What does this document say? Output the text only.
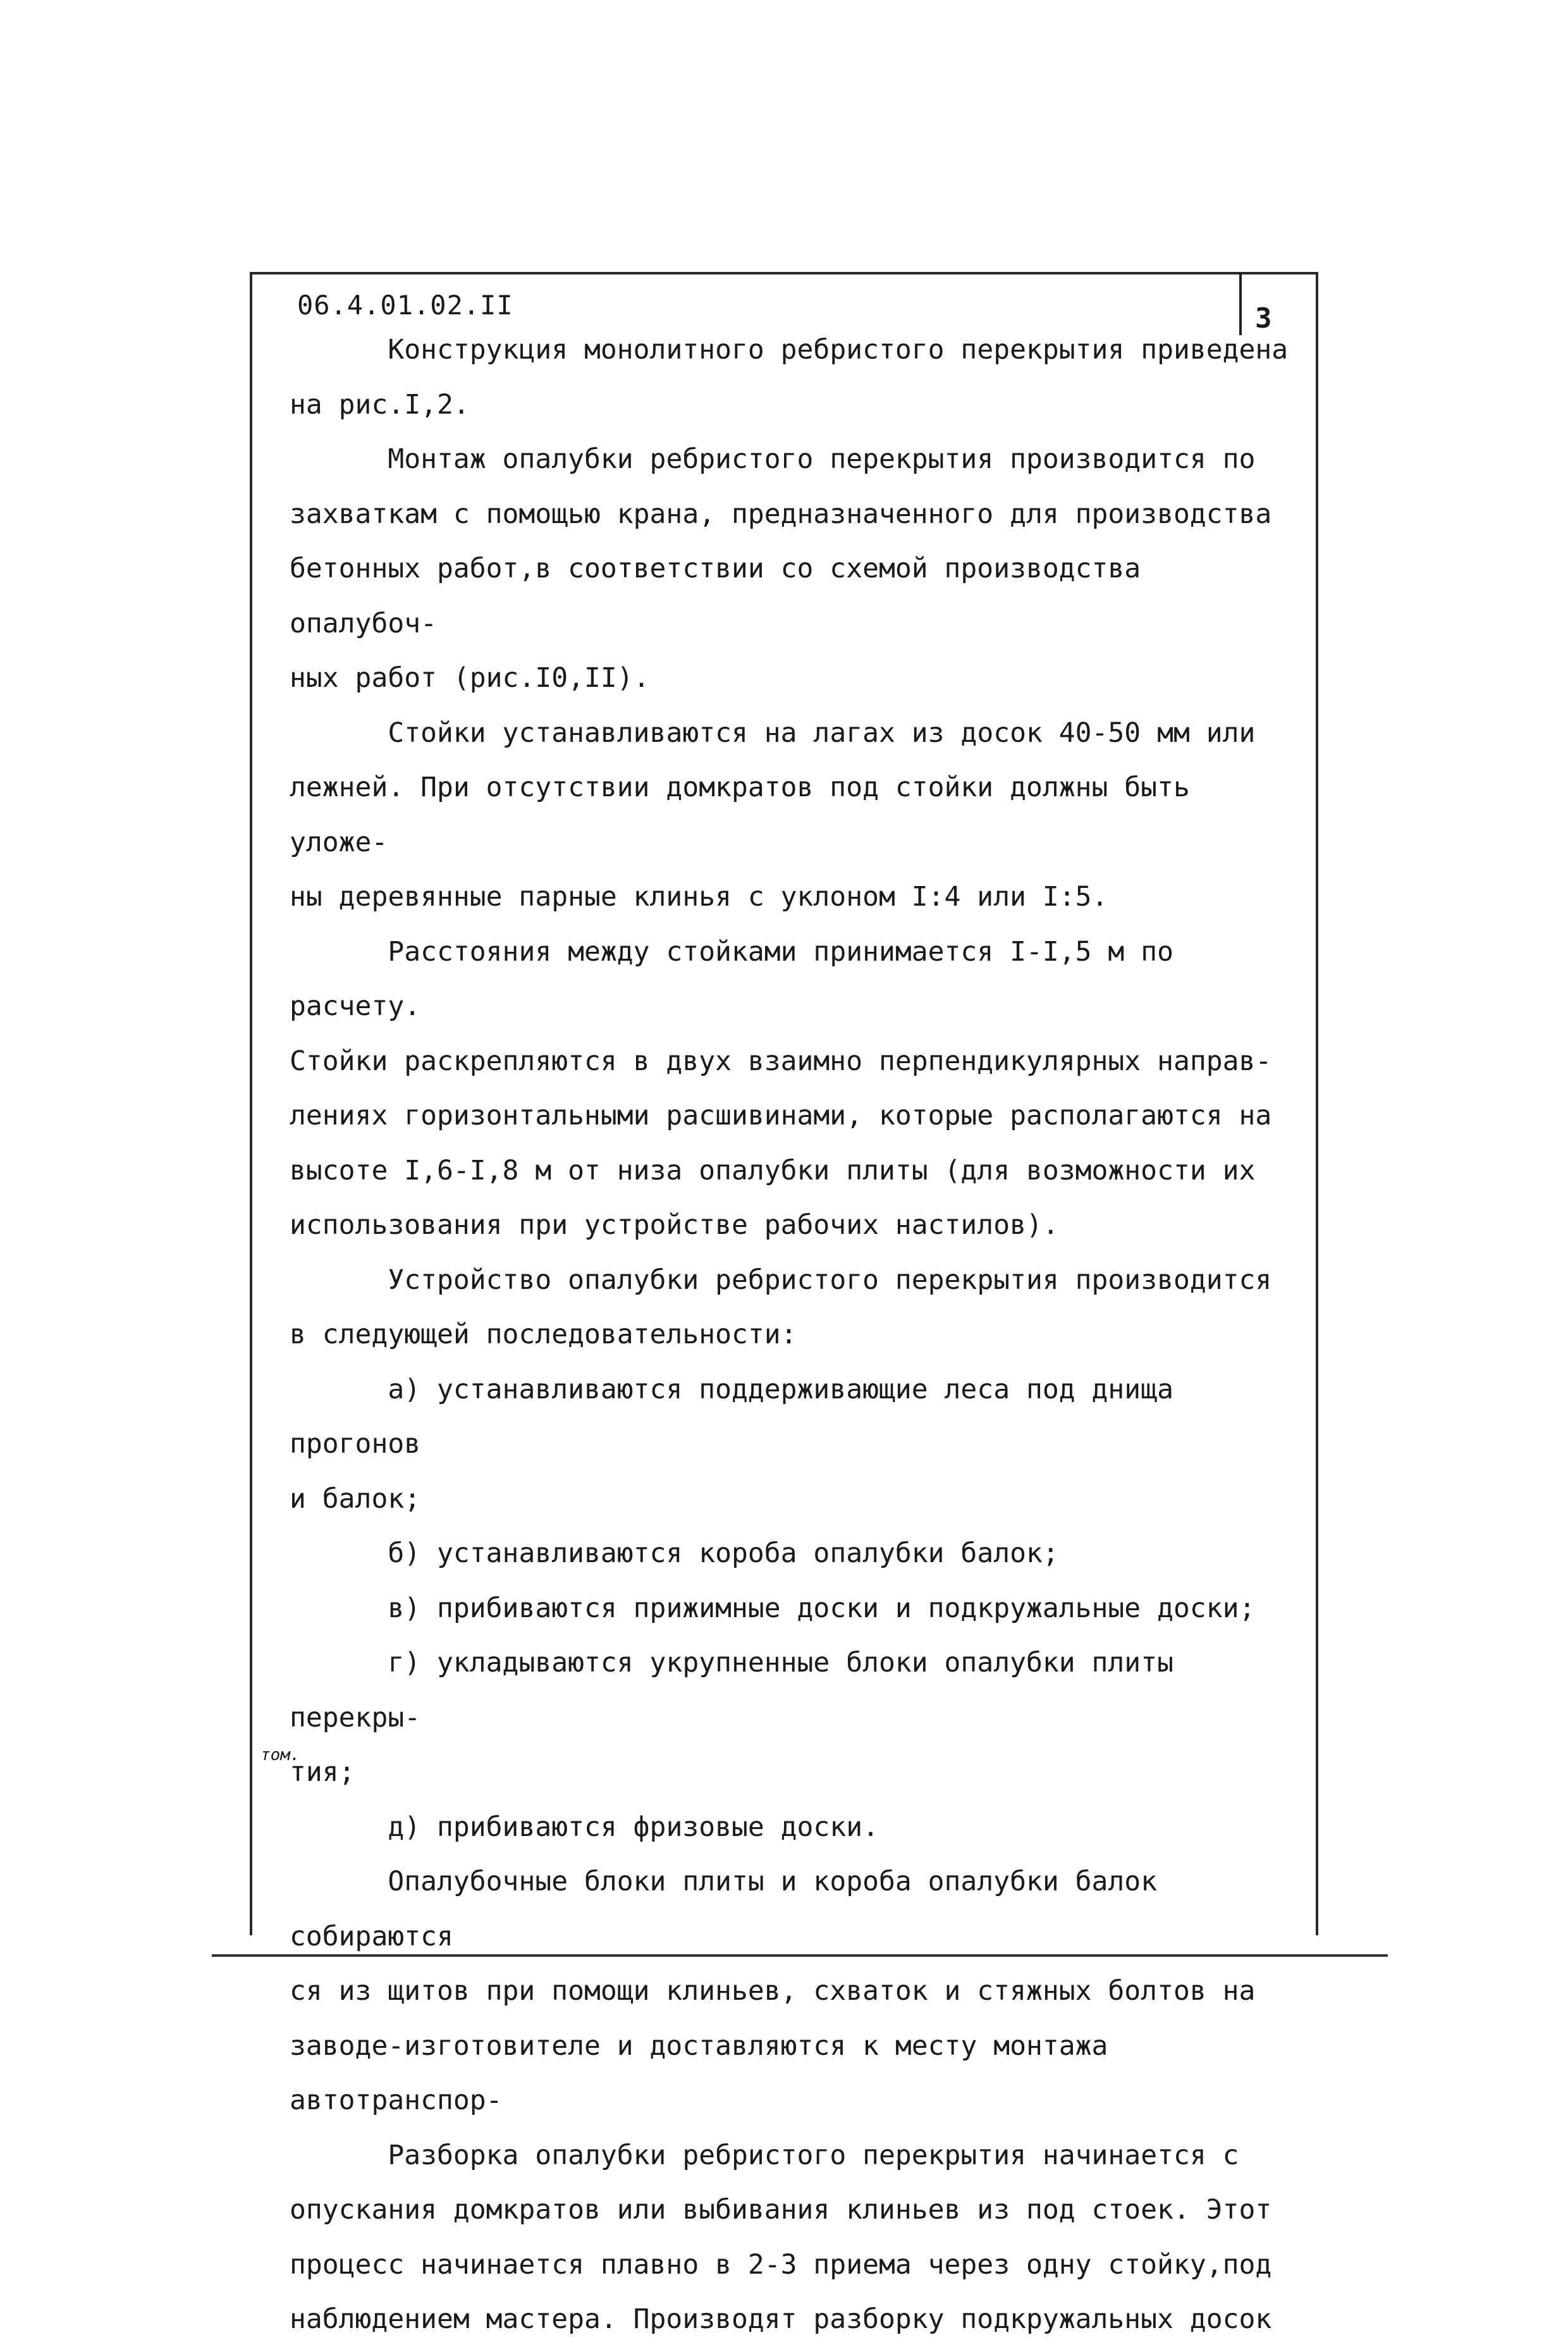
06.4.01.02.II	3

Конструкция монолитного ребристого перекрытия приведена

на рис.I,2.

Монтаж опалубки ребристого перекрытия производится по

захваткам с помощью крана, предназначенного для производства

бетонных работ,в соответствии со схемой производства опалубоч-

ных работ (рис.I0,II).

Стойки устанавливаются на лагах из досок 40-50 мм или

лежней. При отсутствии домкратов под стойки должны быть уложе-

ны деревянные парные клинья с уклоном I:4 или I:5.

Расстояния между стойками принимается I-I,5 м по расчету.

Стойки раскрепляются в двух взаимно перпендикулярных направ-

лениях горизонтальными расшивинами, которые располагаются на

высоте I,6-I,8 м от низа опалубки плиты (для возможности их

использования при устройстве рабочих настилов).

Устройство опалубки ребристого перекрытия производится

в следующей последовательности:

а) устанавливаются поддерживающие леса под днища прогонов

и балок;

б) устанавливаются короба опалубки балок;

в) прибиваются прижимные доски и подкружальные доски;

г) укладываются укрупненные блоки опалубки плиты перекры-

тия;

д) прибиваются фризовые доски.

Опалубочные блоки плиты и короба опалубки балок собираются

ся из щитов при помощи клиньев, схваток и стяжных болтов на

заводе-изготовителе и доставляются к месту монтажа автотранспор-

Разборка опалубки ребристого перекрытия начинается с

опускания домкратов или выбивания клиньев из под стоек. Этот

процесс начинается плавно в 2-3 приема через одну стойку,под

наблюдением мастера. Производят разборку подкружальных досок

том.
